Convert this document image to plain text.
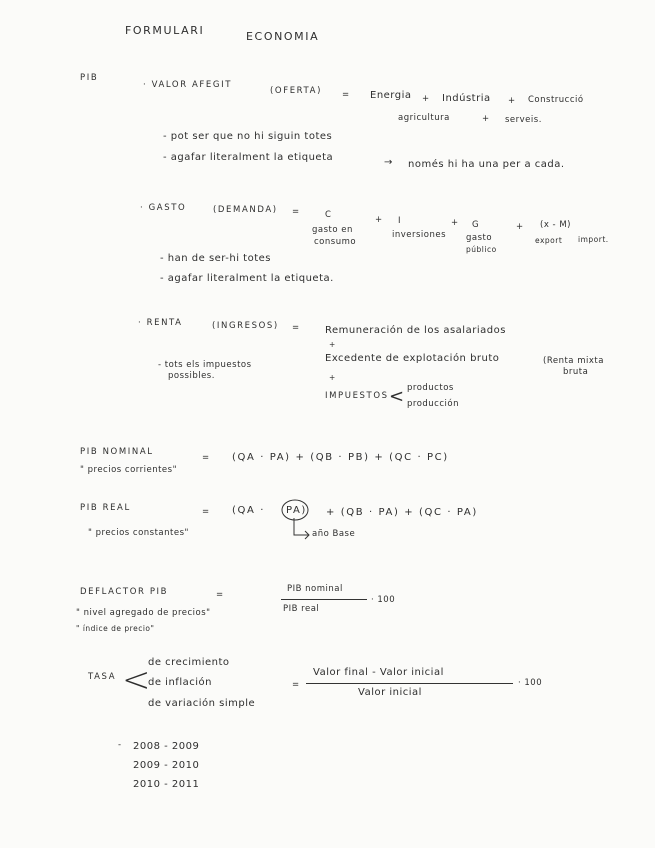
FORMULARI	ECONOMIA
PIB
· VALOR AFEGIT
(OFERTA) = Energia + Indústria + Construcció
agricultura	+ serveis.
- pot ser que no hi siguin totes
- agafar literalment la etiqueta	→ només hi ha una per a cada.
· GASTO	(DEMANDA) =	C
gasto en
consumo
+ I
inversiones
+ G
gasto
público
+ (x - M)
export import.
- han de ser-hi totes
- agafar literalment la etiqueta.
· RENTA	(INGRESOS) =	Remuneración de los asalariados
+
Excedente de explotación bruto	(Renta mixta
bruta
+
IMPUESTOS < productos
producción
- tots els impuestos
possibles.
PIB NOMINAL
= (QA · PA) + (QB · PB) + (QC · PC)
" precios corrientes"
PIB REAL	= (QA · PA) + (QB · PA) + (QC · PA)
año Base
" precios constantes"
DEFLACTOR PIB	=
PIB nominal
PIB real
· 100
" nivel agregado de precios"
" índice de precio"
TASA <
de crecimiento
de inflación
de variación simple
=
Valor final - Valor inicial
Valor inicial
· 100
- 2008 - 2009
2009 - 2010
2010 - 2011
